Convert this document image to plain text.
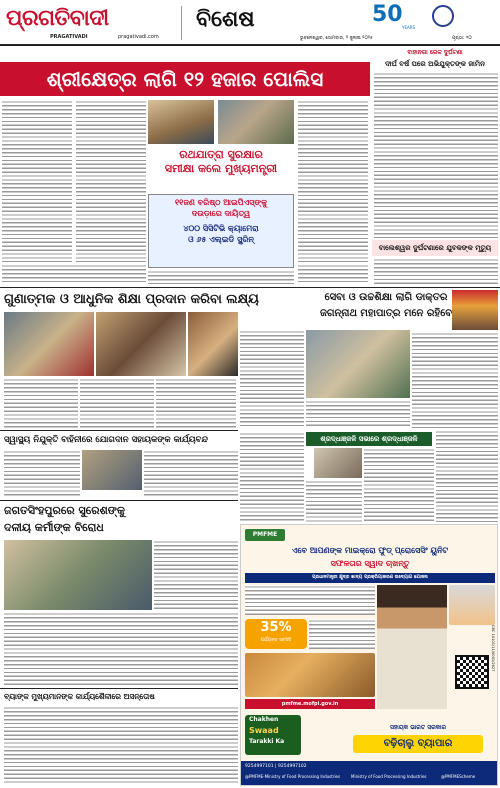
ପ୍ରଗତିବାଦୀ
PRAGATIVADI	pragativadi.com
ବିଶେଷ	50
YEARS
ଭୁବନେଶ୍ୱର, ସୋମବାର, ୨ ଜୁଲାଇ ୨୦୨୫	ପୃଷ୍ଠା: ୧୦
ଶ୍ରୀକ୍ଷେତ୍ର ଲାଗି ୧୨ ହଜାର ପୋଲିସ
ରଥଯାତ୍ରା ସୁରକ୍ଷାର
ସମୀକ୍ଷା କଲେ ମୁଖ୍ୟମନ୍ତ୍ରୀ
୧୧ଜଣ ବରିଷ୍ଠ ଆଇପିଏସ୍‌ଙ୍କୁ
ଦଉଡ଼ାରେ ଦାୟିତ୍ୱ
୪୦୦ ସିସିଟିଭି କ୍ୟାମେରା
ଓ ୬୫ ଏଲ୍‌ଇଡି ସ୍କ୍ରିନ୍
ବାହାନଗା ରେଳ ଦୁର୍ଘଟଣା
ଦୀର୍ଘ ବର୍ଷ ପରେ ଅଭିଯୁକ୍ତଙ୍କ ଜାମିନ
ବାଲେଶ୍ୱର ଦୁର୍ଘଟଣାରେ ଯୁବକଙ୍କ ମୃତ୍ୟୁ
ଗୁଣାତ୍ମକ ଓ ଆଧୁନିକ ଶିକ୍ଷା ପ୍ରଦାନ କରିବା ଲକ୍ଷ୍ୟ	ସେବା ଓ ଉଚ୍ଚଶିକ୍ଷା ଲାଗି ଡାକ୍ତର
ଜଗନ୍ନାଥ ମହାପାତ୍ର ମନେ ରହିବେ
ସ୍ୱାସ୍ଥ୍ୟ ନିଯୁକ୍ତି ବାହିନୀରେ ଯୋଗଦାନ ସହାୟକଙ୍କ କାର୍ଯ୍ୟବନ୍ଦ	ଶ୍ରଦ୍ଧାଞ୍ଜଳି ସଭାରେ ଶ୍ରଦ୍ଧାଞ୍ଜଳି
ଜଗତସିଂହପୁରରେ ସୁରେଶଙ୍କୁ
ଦଳୀୟ କର୍ମୀଙ୍କ ବିରୋଧ
ବ୍ୟାଙ୍କ ମୁଖ୍ୟମାନଙ୍କ କାର୍ଯ୍ୟଶୈଳୀରେ ଅସନ୍ତୋଷ
PMFME
ଏବେ ଆପଣଙ୍କ ମାଇକ୍ରୋ ଫୁଡ୍ ପ୍ରୋସେସିଂ ୟୁନିଟ
ସଫଳତାର ସ୍ୱାଦ ଚାଖନ୍ତୁ
ପ୍ରଧାନମନ୍ତ୍ରୀ କ୍ଷୁଦ୍ର ଖାଦ୍ୟ ପ୍ରକ୍ରିୟାକରଣ ଉଦ୍ୟୋଗ ଯୋଜନା
35%
ପର୍ଯ୍ୟନ୍ତ ସବସିଡି
pmfme.mofpi.gov.in
Chakhen
Swaad
Tarakki Ka
ସହାୟକ ଭାରତ ସରକାର
ବଢ଼ିଚାଲୁ ବ୍ୟାପାର
9254997101 | 9254997102
@PMFME-Ministry of Food Processing Industries	Ministry of Food Processing Industries	@PMFMEScheme
CBC 10101/11/0001/2627
